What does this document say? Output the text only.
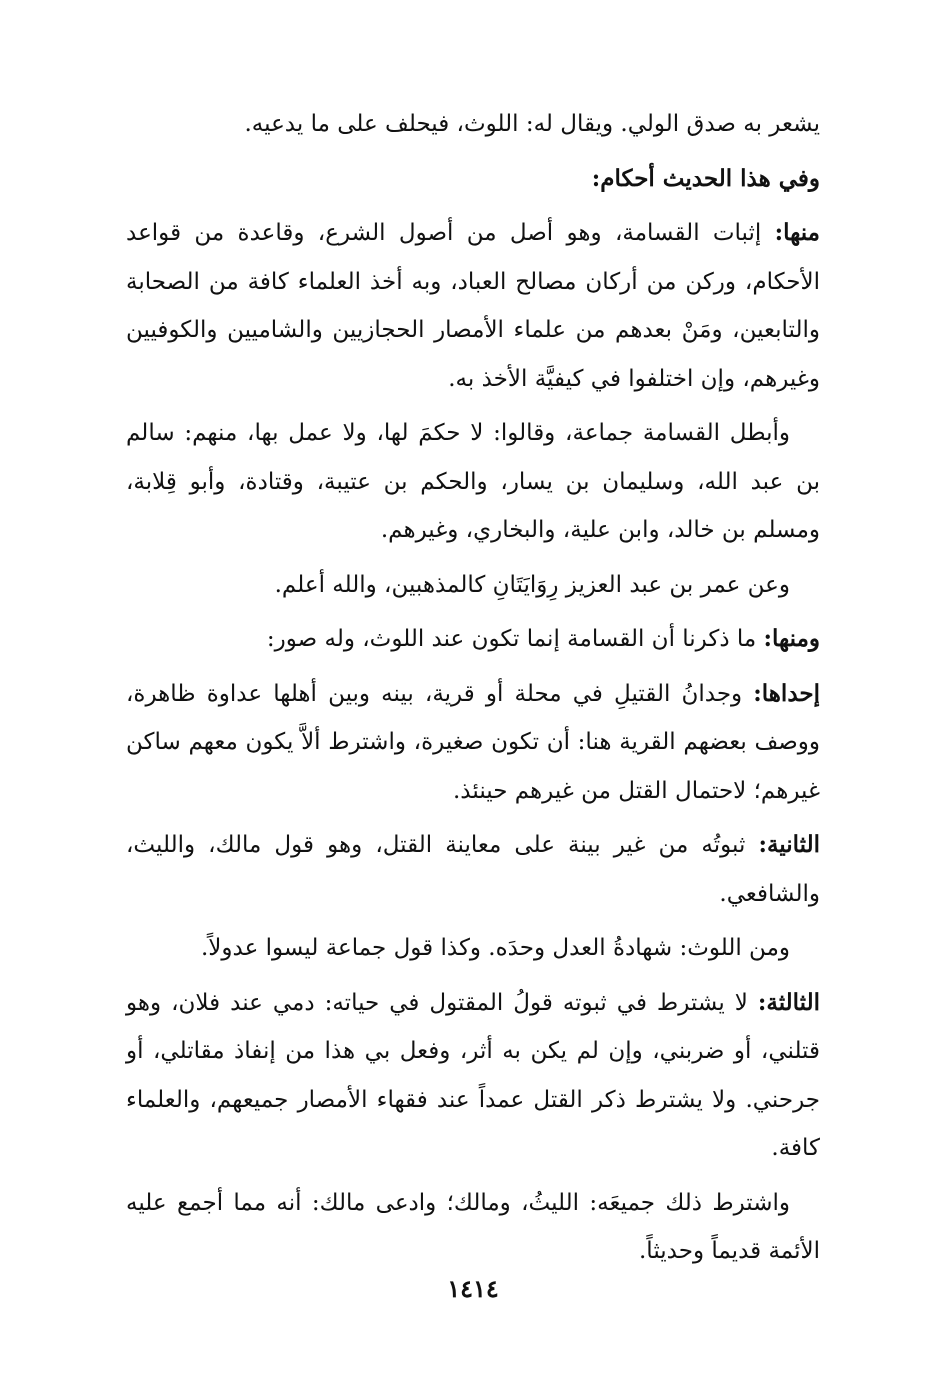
يشعر به صدق الولي. ويقال له: اللوث، فيحلف على ما يدعيه.

وفي هذا الحديث أحكام:

منها: إثبات القسامة، وهو أصل من أصول الشرع، وقاعدة من قواعد الأحكام، وركن من أركان مصالح العباد، وبه أخذ العلماء كافة من الصحابة والتابعين، ومَنْ بعدهم من علماء الأمصار الحجازيين والشاميين والكوفيين وغيرهم، وإن اختلفوا في كيفيَّة الأخذ به.

وأبطل القسامة جماعة، وقالوا: لا حكمَ لها، ولا عمل بها، منهم: سالم بن عبد الله، وسليمان بن يسار، والحكم بن عتيبة، وقتادة، وأبو قِلابة، ومسلم بن خالد، وابن علية، والبخاري، وغيرهم.

وعن عمر بن عبد العزيز رِوَايَتَانِ كالمذهبين، والله أعلم.

ومنها: ما ذكرنا أن القسامة إنما تكون عند اللوث، وله صور:

إحداها: وجدانُ القتيلِ في محلة أو قرية، بينه وبين أهلها عداوة ظاهرة، ووصف بعضهم القرية هنا: أن تكون صغيرة، واشترط ألاَّ يكون معهم ساكن غيرهم؛ لاحتمال القتل من غيرهم حينئذ.

الثانية: ثبوتُه من غير بينة على معاينة القتل، وهو قول مالك، والليث، والشافعي.

ومن اللوث: شهادةُ العدل وحدَه. وكذا قول جماعة ليسوا عدولاً.

الثالثة: لا يشترط في ثبوته قولُ المقتول في حياته: دمي عند فلان، وهو قتلني، أو ضربني، وإن لم يكن به أثر، وفعل بي هذا من إنفاذ مقاتلي، أو جرحني. ولا يشترط ذكر القتل عمداً عند فقهاء الأمصار جميعهم، والعلماء كافة.

واشترط ذلك جميعَه: الليثُ، ومالك؛ وادعى مالك: أنه مما أجمع عليه الأئمة قديماً وحديثاً.

١٤١٤
